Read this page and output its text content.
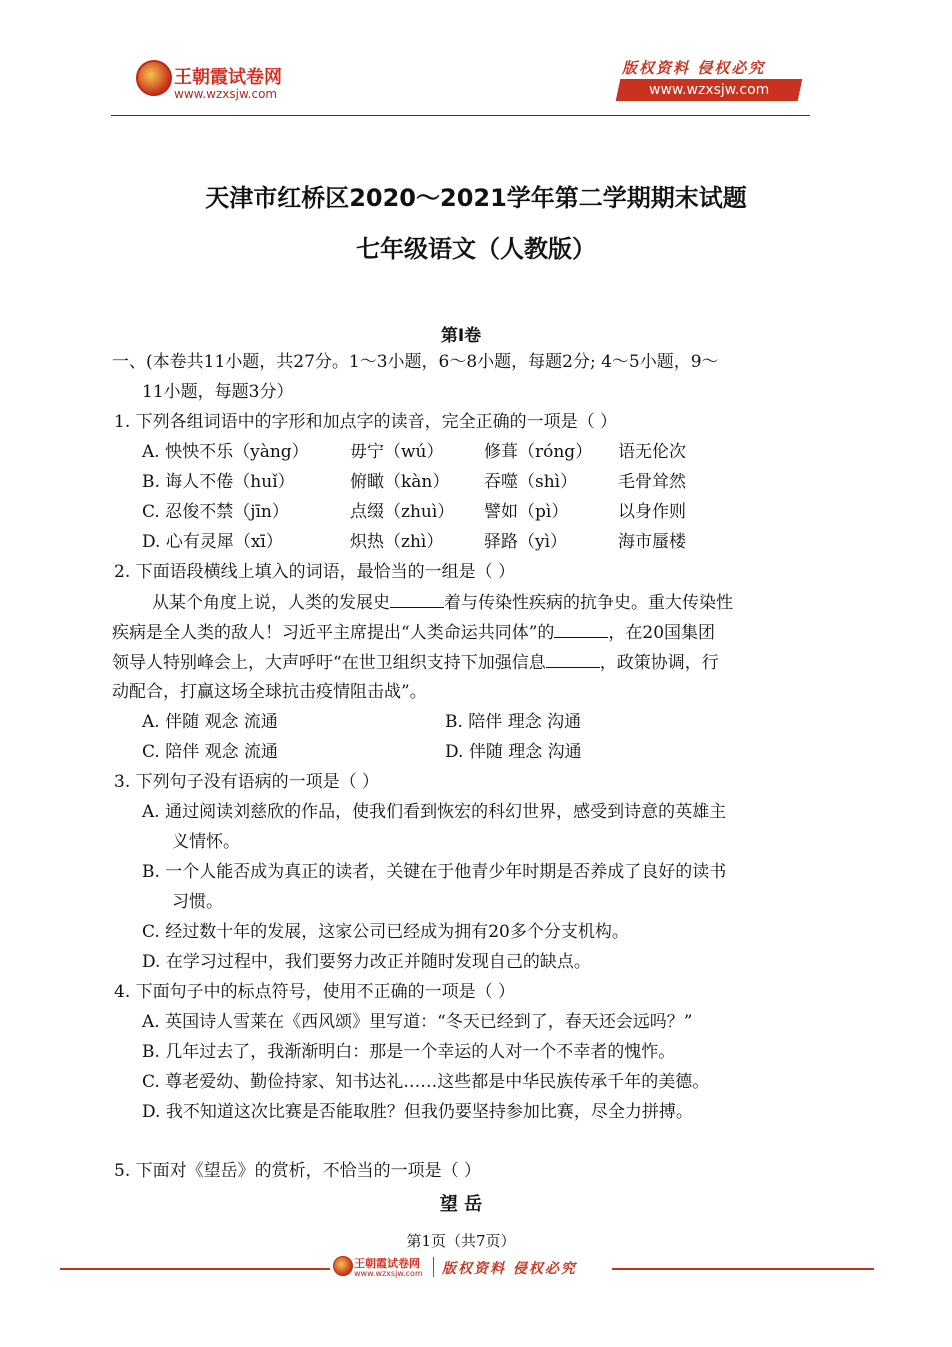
王朝霞试卷网
www.wzxsjw.com
版权资料 侵权必究
www.wzxsjw.com
天津市红桥区2020～2021学年第二学期期末试题
七年级语文（人教版）
第Ⅰ卷
一、(本卷共11小题，共27分。1～3小题，6～8小题，每题2分; 4～5小题，9～
11小题，每题3分）
1. 下列各组词语中的字形和加点字的读音，完全正确的一项是（ ）
A. 怏怏不乐（yàng） 毋宁（wú） 修葺（róng） 语无伦次
B. 诲人不倦（huǐ）	俯瞰（kàn） 吞噬（shì） 毛骨耸然
C. 忍俊不禁（jīn）	点缀（zhuì） 譬如（pì）	以身作则
D. 心有灵犀（xī）	炽热（zhì） 驿路（yì）	海市蜃楼
2. 下面语段横线上填入的词语，最恰当的一组是（ ）
从某个角度上说，人类的发展史	着与传染性疾病的抗争史。重大传染性
疾病是全人类的敌人！习近平主席提出“人类命运共同体”的	，在20国集团
领导人特别峰会上，大声呼吁“在世卫组织支持下加强信息	，政策协调，行
动配合，打赢这场全球抗击疫情阻击战”。
A. 伴随 观念 流通	B. 陪伴 理念 沟通
C. 陪伴 观念 流通	D. 伴随 理念 沟通
3. 下列句子没有语病的一项是（ ）
A. 通过阅读刘慈欣的作品，使我们看到恢宏的科幻世界，感受到诗意的英雄主
义情怀。
B. 一个人能否成为真正的读者，关键在于他青少年时期是否养成了良好的读书
习惯。
C. 经过数十年的发展，这家公司已经成为拥有20多个分支机构。
D. 在学习过程中，我们要努力改正并随时发现自己的缺点。
4. 下面句子中的标点符号，使用不正确的一项是（ ）
A. 英国诗人雪莱在《西风颂》里写道：“冬天已经到了，春天还会远吗？”
B. 几年过去了，我渐渐明白：那是一个幸运的人对一个不幸者的愧怍。
C. 尊老爱幼、勤俭持家、知书达礼……这些都是中华民族传承千年的美德。
D. 我不知道这次比赛是否能取胜？但我仍要坚持参加比赛，尽全力拼搏。
5. 下面对《望岳》的赏析，不恰当的一项是（ ）
望 岳
第1页（共7页）
王朝霞试卷网
www.wzxsjw.com 版权资料 侵权必究
